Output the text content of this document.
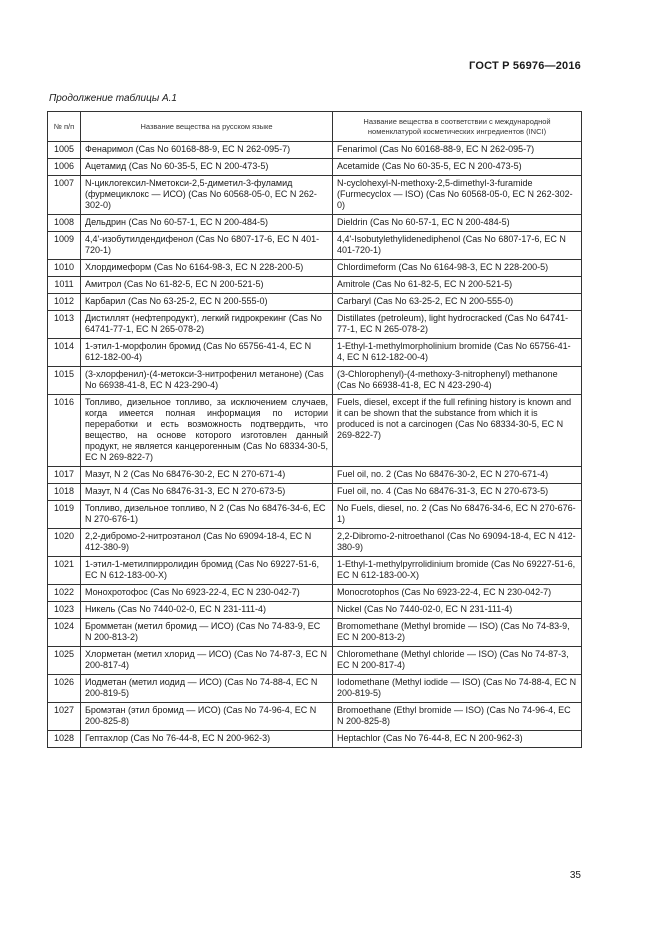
ГОСТ Р 56976—2016
Продолжение таблицы А.1
№ п/п	Название вещества на русском языке	Название вещества в соответствии с международной номенклатурой косметических ингредиентов (INCI)
1005	Фенаримол (Cas No 60168-88-9, EC N 262-095-7)	Fenarimol (Cas No 60168-88-9, EC N 262-095-7)
1006	Ацетамид (Cas No 60-35-5, EC N 200-473-5)	Acetamide (Cas No 60-35-5, EC N 200-473-5)
1007	N-циклогексил-Nметокси-2,5-диметил-3-фуламид (фурмециклокс — ИСО) (Cas No 60568-05-0, EC N 262-302-0)	N-cyclohexyl-N-methoxy-2,5-dimethyl-3-furamide (Furmecyclox — ISO) (Cas No 60568-05-0, EC N 262-302-0)
1008	Дельдрин (Cas No 60-57-1, EC N 200-484-5)	Dieldrin (Cas No 60-57-1, EC N 200-484-5)
1009	4,4'-изобутилдендифенол (Cas No 6807-17-6, EC N 401-720-1)	4,4'-Isobutylethylidenediphenol (Cas No 6807-17-6, EC N 401-720-1)
1010	Хлордимеформ (Cas No 6164-98-3, EC N 228-200-5)	Chlordimeform (Cas No 6164-98-3, EC N 228-200-5)
1011	Амитрол (Cas No 61-82-5, EC N 200-521-5)	Amitrole (Cas No 61-82-5, EC N 200-521-5)
1012	Карбарил (Cas No 63-25-2, EC N 200-555-0)	Carbaryl (Cas No 63-25-2, EC N 200-555-0)
1013	Дистиллят (нефтепродукт), легкий гидрокрекинг (Cas No 64741-77-1, EC N 265-078-2)	Distillates (petroleum), light hydrocracked (Cas No 64741-77-1, EC N 265-078-2)
1014	1-этил-1-морфолин бромид (Cas No 65756-41-4, EC N 612-182-00-4)	1-Ethyl-1-methylmorpholinium bromide (Cas No 65756-41-4, EC N 612-182-00-4)
1015	(3-хлорфенил)-(4-метокси-3-нитрофенил метаноне) (Cas No 66938-41-8, EC N 423-290-4)	(3-Chlorophenyl)-(4-methoxy-3-nitrophenyl) methanone (Cas No 66938-41-8, EC N 423-290-4)
1016	Топливо, дизельное топливо, за исключением случаев, когда имеется полная информация по истории переработки и есть возможность подтвердить, что вещество, на основе которого изготовлен данный продукт, не является канцерогенным (Cas No 68334-30-5, EC N 269-822-7)	Fuels, diesel, except if the full refining history is known and it can be shown that the substance from which it is produced is not a carcinogen (Cas No 68334-30-5, EC N 269-822-7)
1017	Мазут, N 2 (Cas No 68476-30-2, EC N 270-671-4)	Fuel oil, no. 2 (Cas No 68476-30-2, EC N 270-671-4)
1018	Мазут, N 4 (Cas No 68476-31-3, EC N 270-673-5)	Fuel oil, no. 4 (Cas No 68476-31-3, EC N 270-673-5)
1019	Топливо, дизельное топливо, N 2 (Cas No 68476-34-6, EC N 270-676-1)	No Fuels, diesel, no. 2 (Cas No 68476-34-6, EC N 270-676-1)
1020	2,2-дибромо-2-нитроэтанол (Cas No 69094-18-4, EC N 412-380-9)	2,2-Dibromo-2-nitroethanol (Cas No 69094-18-4, EC N 412-380-9)
1021	1-этил-1-метилпирролидин бромид (Cas No 69227-51-6, EC N 612-183-00-X)	1-Ethyl-1-methylpyrrolidinium bromide (Cas No 69227-51-6, EC N 612-183-00-X)
1022	Монохротофос (Cas No 6923-22-4, EC N 230-042-7)	Monocrotophos (Cas No 6923-22-4, EC N 230-042-7)
1023	Никель (Cas No 7440-02-0, EC N 231-111-4)	Nickel (Cas No 7440-02-0, EC N 231-111-4)
1024	Бромметан (метил бромид — ИСО) (Cas No 74-83-9, EC N 200-813-2)	Bromomethane (Methyl bromide — ISO) (Cas No 74-83-9, EC N 200-813-2)
1025	Хлорметан (метил хлорид — ИСО) (Cas No 74-87-3, EC N 200-817-4)	Chloromethane (Methyl chloride — ISO) (Cas No 74-87-3, EC N 200-817-4)
1026	Иодметан (метил иодид — ИСО) (Cas No 74-88-4, EC N 200-819-5)	Iodomethane (Methyl iodide — ISO) (Cas No 74-88-4, EC N 200-819-5)
1027	Бромэтан (этил бромид — ИСО) (Cas No 74-96-4, EC N 200-825-8)	Bromoethane (Ethyl bromide — ISO) (Cas No 74-96-4, EC N 200-825-8)
1028	Гептахлор (Cas No 76-44-8, EC N 200-962-3)	Heptachlor (Cas No 76-44-8, EC N 200-962-3)
35
